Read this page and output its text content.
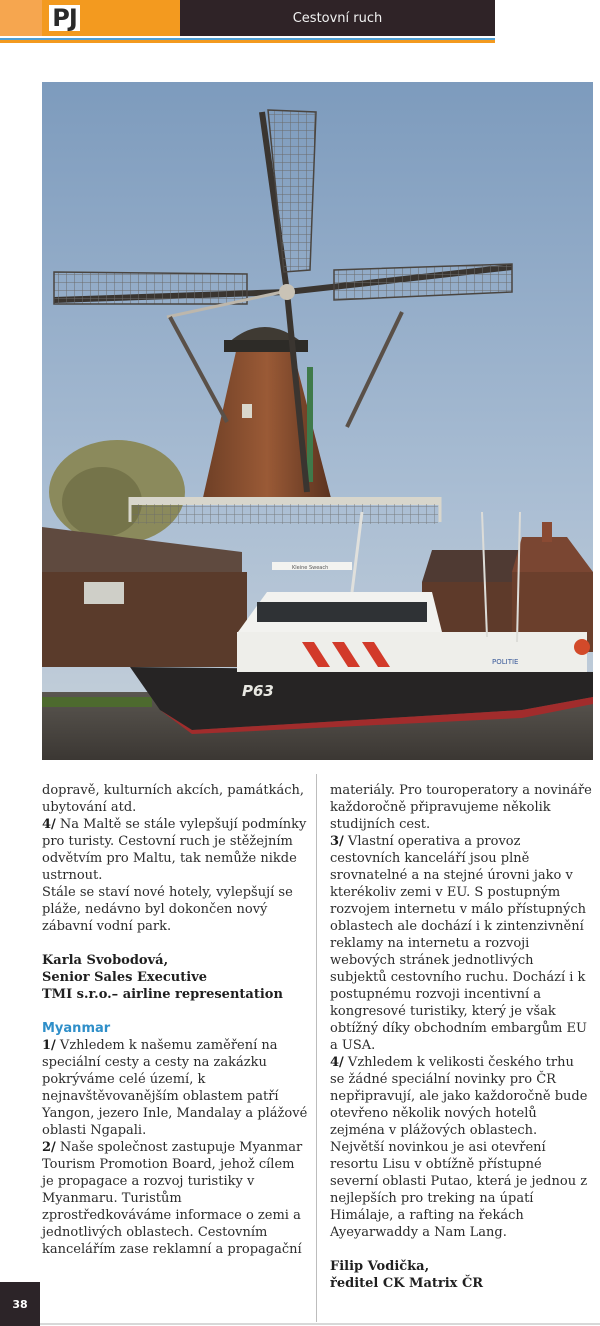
PJ	Cestovní ruch
P63
POLITIE
Kleine Sweach

dopravě, kulturních akcích, památkách, ubytování atd.

4/ Na Maltě se stále vylepšují podmínky pro turisty. Cestovní ruch je stěžejním odvětvím pro Maltu, tak nemůže nikde ustrnout.

Stále se staví nové hotely, vylepšují se pláže, nedávno byl dokončen nový zábavní vodní park.

Karla Svobodová,

Senior Sales Executive

TMI s.r.o.– airline representation

Myanmar

1/ Vzhledem k našemu zaměření na speciální cesty a cesty na zakázku pokrýváme celé území, k nejnavštěvovanějším oblastem patří Yangon, jezero Inle, Mandalay a plážové oblasti Ngapali.

2/ Naše společnost zastupuje Myanmar Tourism Promotion Board, jehož cílem je propagace a rozvoj turistiky v Myanmaru. Turistům zprostředkováváme informace o zemi a jednotlivých oblastech. Cestovním kancelářím zase reklamní a propagační

materiály. Pro touroperatory a novináře každoročně připravujeme několik studijních cest.

3/ Vlastní operativa a provoz cestovních kanceláří jsou plně srovnatelné a na stejné úrovni jako v kterékoliv zemi v EU. S postupným rozvojem internetu v málo přístupných oblastech ale dochází i k zintenzivnění reklamy na internetu a rozvoji webových stránek jednotlivých subjektů cestovního ruchu. Dochází i k postupnému rozvoji incentivní a kongresové turistiky, který je však obtížný díky obchodním embargům EU a USA.

4/ Vzhledem k velikosti českého trhu se žádné speciální novinky pro ČR nepřipravují, ale jako každoročně bude otevřeno několik nových hotelů zejména v plážových oblastech. Největší novinkou je asi otevření resortu Lisu v obtížně přístupné severní oblasti Putao, která je jednou z nejlepších pro treking na úpatí Himálaje, a rafting na řekách Ayeyarwaddy a Nam Lang.

Filip Vodička,

ředitel CK Matrix ČR

38
